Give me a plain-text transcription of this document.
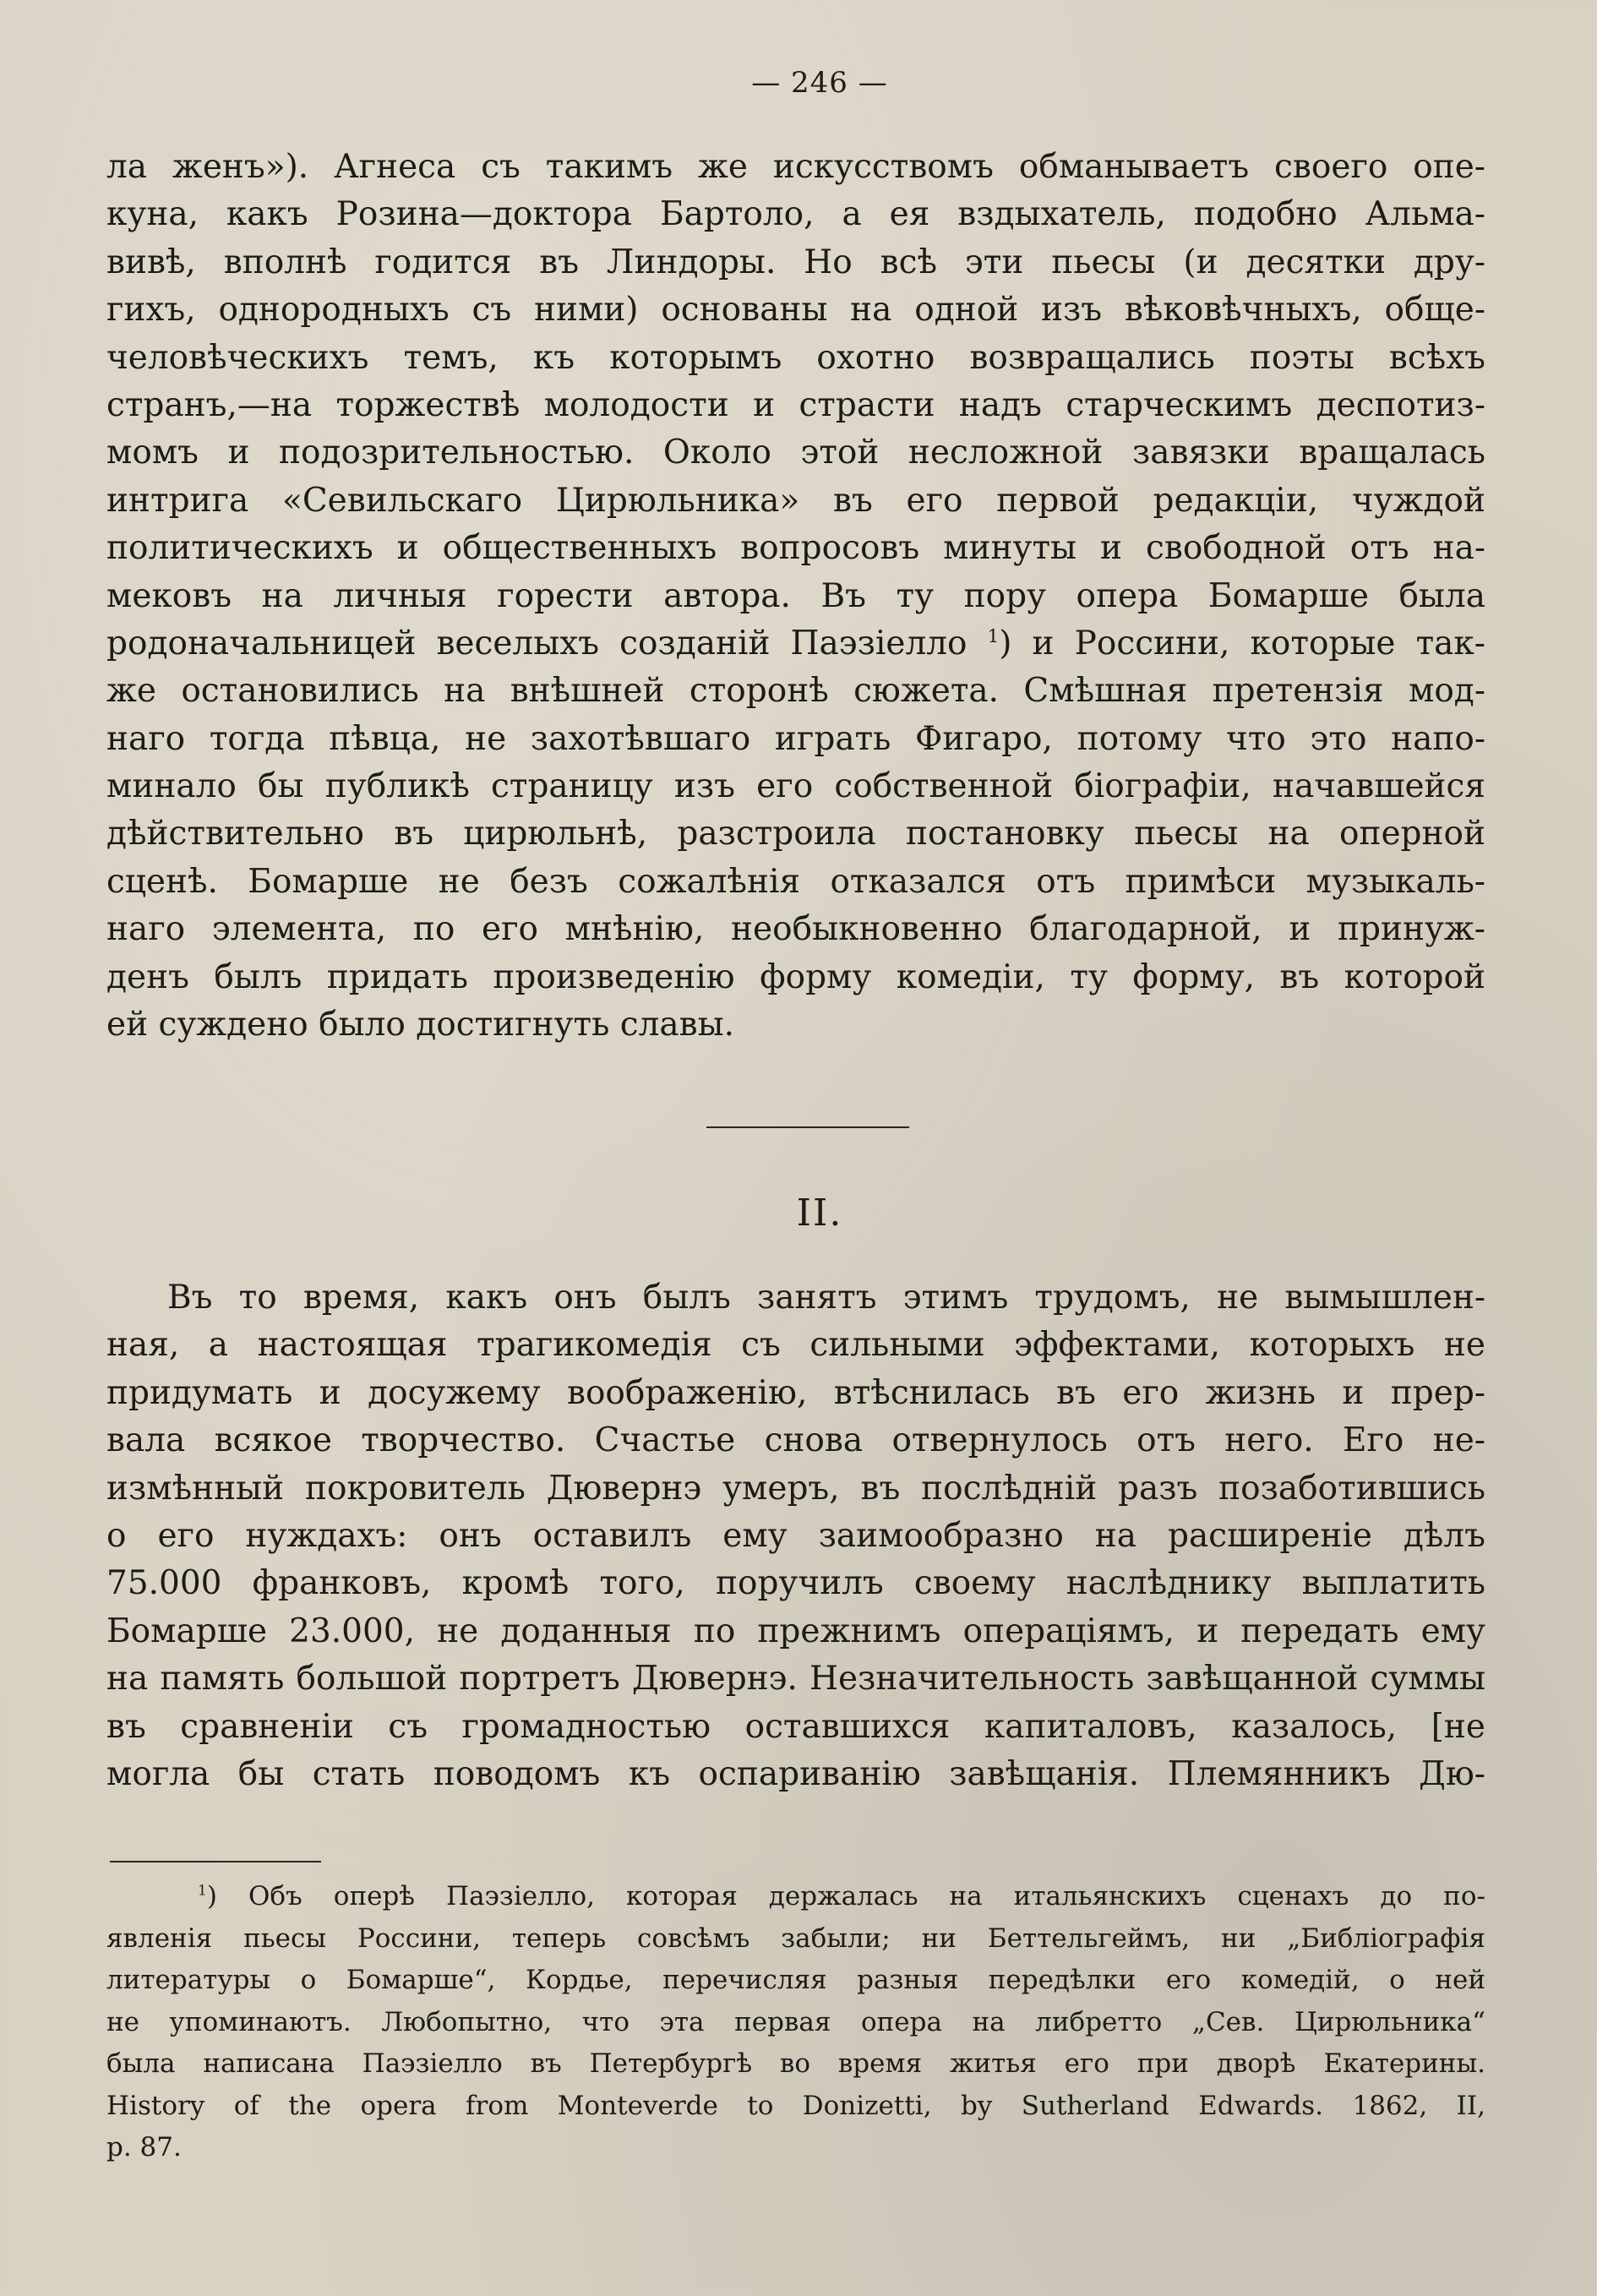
— 246 —
ла женъ»). Агнеса съ такимъ же искусствомъ обманываетъ своего опе-
куна, какъ Розина—доктора Бартоло, а ея вздыхатель, подобно Альма-
вивѣ, вполнѣ годится въ Линдоры. Но всѣ эти пьесы (и десятки дру-
гихъ, однородныхъ съ ними) основаны на одной изъ вѣковѣчныхъ, обще-
человѣческихъ темъ, къ которымъ охотно возвращались поэты всѣхъ
странъ,—на торжествѣ молодости и страсти надъ старческимъ деспотиз-
момъ и подозрительностью. Около этой несложной завязки вращалась
интрига «Севильскаго Цирюльника» въ его первой редакціи, чуждой
политическихъ и общественныхъ вопросовъ минуты и свободной отъ на-
мековъ на личныя горести автора. Въ ту пору опера Бомарше была
родоначальницей веселыхъ созданій Паэзіелло $^1$) и Россини, которые так-
же остановились на внѣшней сторонѣ сюжета. Смѣшная претензія мод-
наго тогда пѣвца, не захотѣвшаго играть Фигаро, потому что это напо-
минало бы публикѣ страницу изъ его собственной біографіи, начавшейся
дѣйствительно въ цирюльнѣ, разстроила постановку пьесы на оперной
сценѣ. Бомарше не безъ сожалѣнія отказался отъ примѣси музыкаль-
наго элемента, по его мнѣнію, необыкновенно благодарной, и принуж-
денъ былъ придать произведенію форму комедіи, ту форму, въ которой
ей суждено было достигнуть славы.
II.
Въ то время, какъ онъ былъ занятъ этимъ трудомъ, не вымышлен-
ная, а настоящая трагикомедія съ сильными эффектами, которыхъ не
придумать и досужему воображенію, втѣснилась въ его жизнь и прер-
вала всякое творчество. Счастье снова отвернулось отъ него. Его не-
измѣнный покровитель Дювернэ умеръ, въ послѣдній разъ позаботившись
о его нуждахъ: онъ оставилъ ему заимообразно на расширеніе дѣлъ
75.000 франковъ, кромѣ того, поручилъ своему наслѣднику выплатить
Бомарше 23.000, не доданныя по прежнимъ операціямъ, и передать ему
на память большой портретъ Дювернэ. Незначительность завѣщанной суммы
въ сравненіи съ громадностью оставшихся капиталовъ, казалось, [не
могла бы стать поводомъ къ оспариванію завѣщанія. Племянникъ Дю-
$^1$) Объ оперѣ Паэзіелло, которая держалась на итальянскихъ сценахъ до по-
явленія пьесы Россини, теперь совсѣмъ забыли; ни Беттельгеймъ, ни „Библіографія
литературы о Бомарше“, Кордье, перечисляя разныя передѣлки его комедій, о ней
не упоминаютъ. Любопытно, что эта первая опера на либретто „Сев. Цирюльника“
была написана Паэзіелло въ Петербургѣ во время житья его при дворѣ Екатерины.
History of the opera from Monteverde to Donizetti, by Sutherland Edwards. 1862, II,
p. 87.
